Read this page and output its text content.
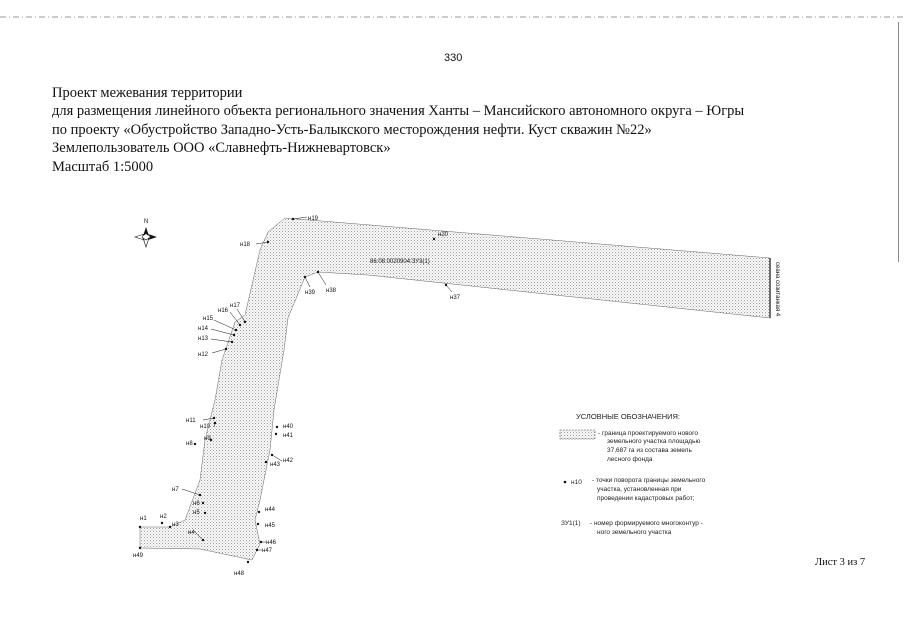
330
Проект межевания территории
для размещения линейного объекта регионального значения Ханты – Мансийского автономного округа – Югры
по проекту «Обустройство Западно-Усть-Балыкского месторождения нефти. Куст скважин №22»
Землепользователь ООО «Славнефть-Нижневартовск»
Масштаб 1:5000
N
сеана созитанкая 4
86:08:0020904:ЗУ3(1)
н19
н18
н20
н38
н39
н37
н17
н16
н15
н14
н13
н12
н11
н10
н9
н8
н7
н6
н5
н4
н3
н2
н1
н49
н48
н47
н46
н45
н44
н43
н42
н41
н40
УСЛОВНЫЕ ОБОЗНАЧЕНИЯ:
- граница проектируемого нового
земельного участка площадью
37,687 га из состава земель
лесного фонда
н10 - точки поворота границы земельного
участка, установленная при
проведении кадастровых работ;
ЗУ1(1) - номер формируемого многоконтур -
ного земельного участка
Лист 3 из 7
